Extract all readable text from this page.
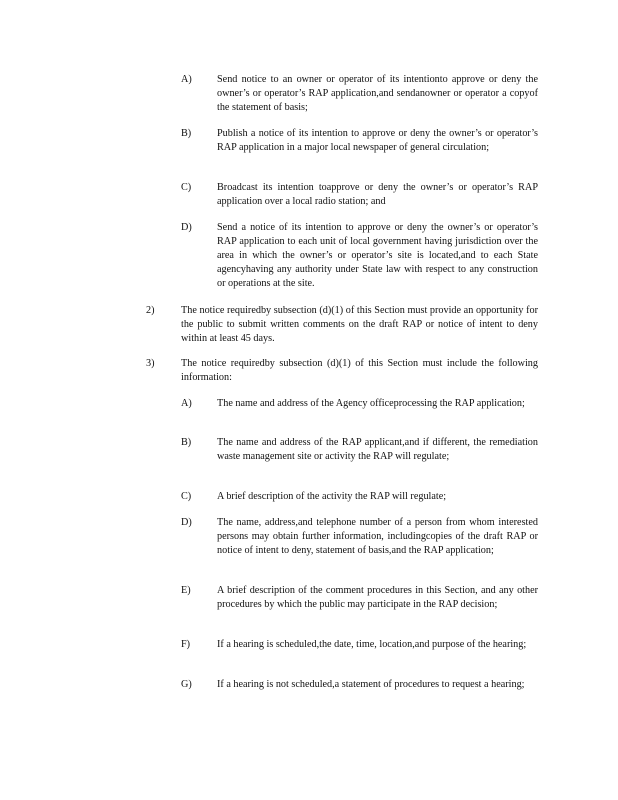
A) Send notice to an owner or operator of its intentionto approve or deny the owner’s or operator’s RAP application,and sendanowner or operator a copyof the statement of basis;
B)	Publish a notice of its intention to approve or deny the owner’s or operator’s RAP application in a major local newspaper of general circulation;
C)	Broadcast its intention toapprove or deny the owner’s or operator’s RAP application over a local radio station; and
D) Send a notice of its intention to approve or deny the owner’s or operator’s RAP application to each unit of local government having jurisdiction over the area in which the owner’s or operator’s site is located,and to each State agencyhaving any authority under State law with respect to any construction or operations at the site.
2)	The notice requiredby subsection (d)(1) of this Section must provide an opportunity for the public to submit written comments on the draft RAP or notice of intent to deny within at least 45 days.
3)	The notice requiredby subsection (d)(1) of this Section must include the following information:
A) The name and address of the Agency officeprocessing the RAP application;
B)	The name and address of the RAP applicant,and if different, the remediation waste management site or activity the RAP will regulate;
C)	A brief description of the activity the RAP will regulate;
D) The name, address,and telephone number of a person from whom interested persons may obtain further information, includingcopies of the draft RAP or notice of intent to deny, statement of basis,and the RAP application;
E)	A brief description of the comment procedures in this Section, and any other procedures by which the public may participate in the RAP decision;
F)	If a hearing is scheduled,the date, time, location,and purpose of the hearing;
G) If a hearing is not scheduled,a statement of procedures to request a hearing;
